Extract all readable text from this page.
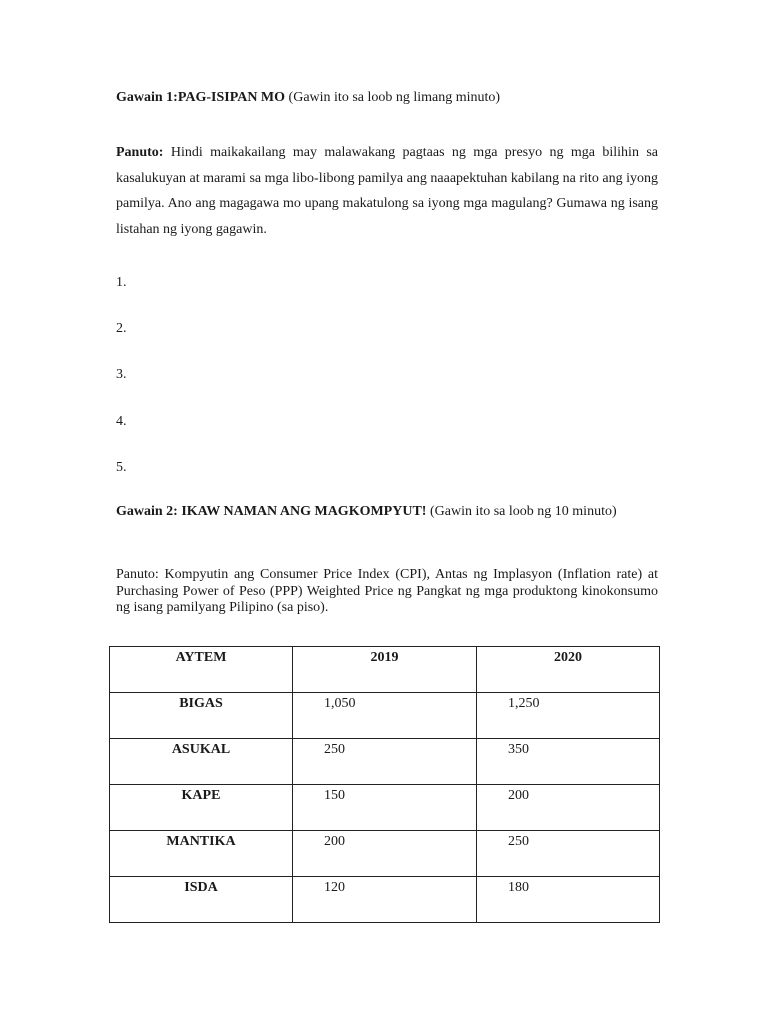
Gawain 1:PAG-ISIPAN MO (Gawin ito sa loob ng limang minuto)
Panuto: Hindi maikakailang may malawakang pagtaas ng mga presyo ng mga bilihin sa kasalukuyan at marami sa mga libo-libong pamilya ang naaapektuhan kabilang na rito ang iyong pamilya. Ano ang magagawa mo upang makatulong sa iyong mga magulang? Gumawa ng isang listahan ng iyong gagawin.
1.
2.
3.
4.
5.
Gawain 2: IKAW NAMAN ANG MAGKOMPYUT! (Gawin ito sa loob ng 10 minuto)
Panuto: Kompyutin ang Consumer Price Index (CPI), Antas ng Implasyon (Inflation rate) at Purchasing Power of Peso (PPP) Weighted Price ng Pangkat ng mga produktong kinokonsumo ng isang pamilyang Pilipino (sa piso).
AYTEM	2019	2020
BIGAS	1,050	1,250
ASUKAL	250	350
KAPE	150	200
MANTIKA	200	250
ISDA	120	180
